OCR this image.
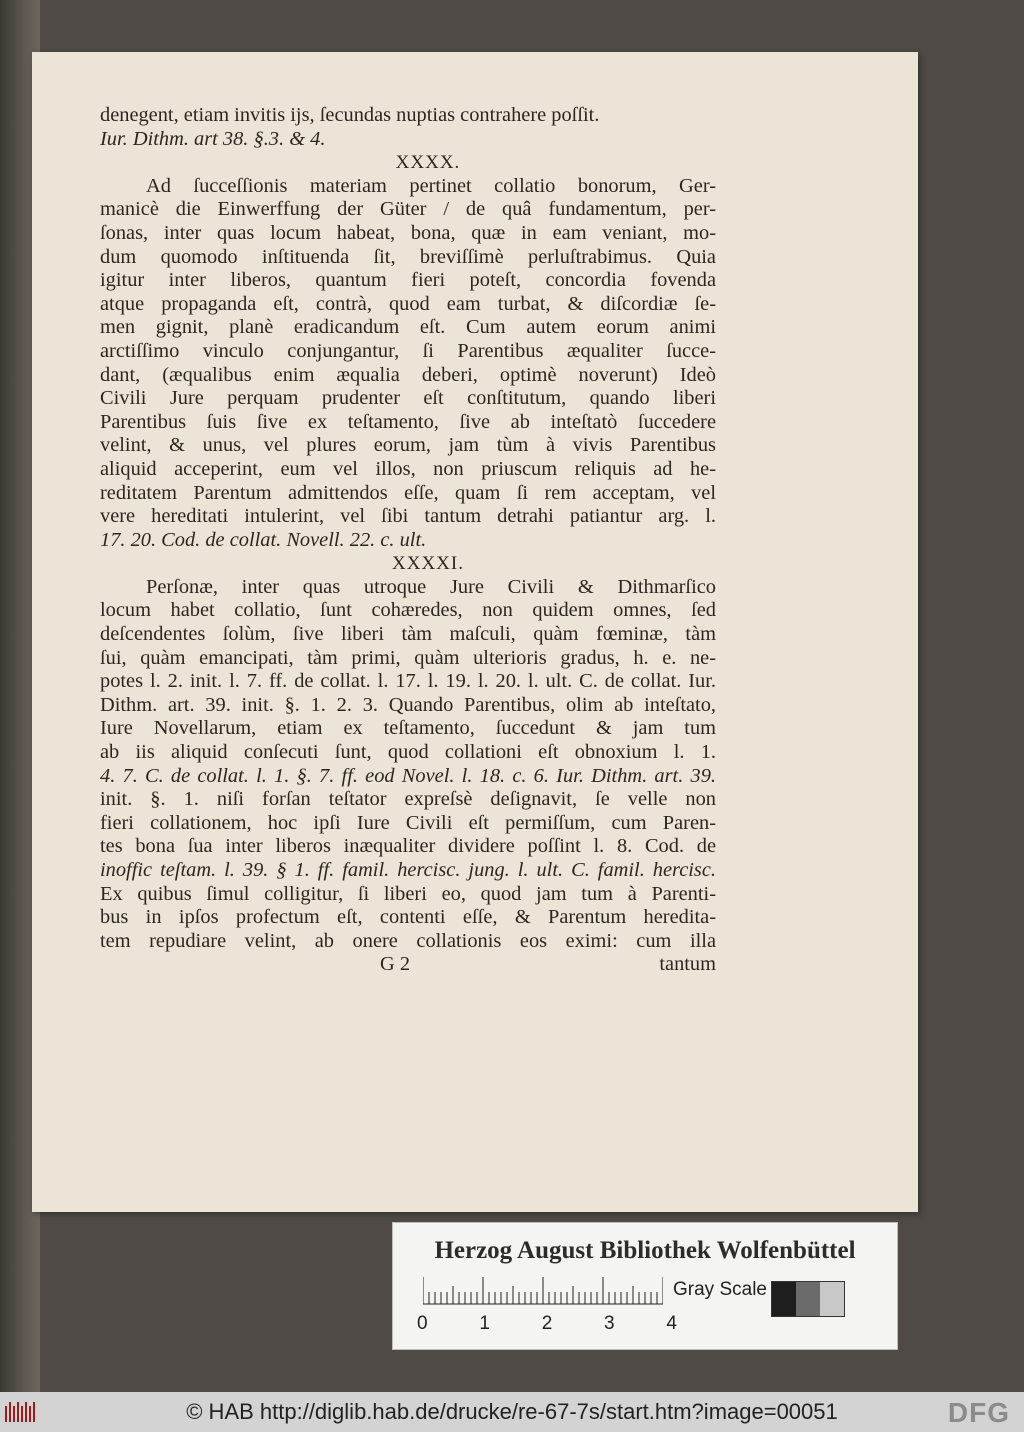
denegent, etiam invitis ijs, ſecundas nuptias contrahere poſſit.
Iur. Dithm. art 38. §.3. & 4.
XXXX.
Ad ſucceſſionis materiam pertinet collatio bonorum, Ger-
manicè die Einwerffung der Güter / de quâ fundamentum, per-
ſonas, inter quas locum habeat, bona, quæ in eam veniant, mo-
dum quomodo inſtituenda ſit, breviſſimè perluſtrabimus. Quia
igitur inter liberos, quantum fieri poteſt, concordia fovenda
atque propaganda eſt, contrà, quod eam turbat, & diſcordiæ ſe-
men gignit, planè eradicandum eſt. Cum autem eorum animi
arctiſſimo vinculo conjungantur, ſi Parentibus æqualiter ſucce-
dant, (æqualibus enim æqualia deberi, optimè noverunt) Ideò
Civili Jure perquam prudenter eſt conſtitutum, quando liberi
Parentibus ſuis ſive ex teſtamento, ſive ab inteſtatò ſuccedere
velint, & unus, vel plures eorum, jam tùm à vivis Parentibus
aliquid acceperint, eum vel illos, non priuscum reliquis ad he-
reditatem Parentum admittendos eſſe, quam ſi rem acceptam, vel
vere hereditati intulerint, vel ſibi tantum detrahi patiantur arg. l.
17. 20. Cod. de collat. Novell. 22. c. ult.
XXXXI.
Perſonæ, inter quas utroque Jure Civili & Dithmarſico
locum habet collatio, ſunt cohæredes, non quidem omnes, ſed
deſcendentes ſolùm, ſive liberi tàm maſculi, quàm fœminæ, tàm
ſui, quàm emancipati, tàm primi, quàm ulterioris gradus, h. e. ne-
potes l. 2. init. l. 7. ff. de collat. l. 17. l. 19. l. 20. l. ult. C. de collat. Iur.
Dithm. art. 39. init. §. 1. 2. 3. Quando Parentibus, olim ab inteſtato,
Iure Novellarum, etiam ex teſtamento, ſuccedunt & jam tum
ab iis aliquid conſecuti ſunt, quod collationi eſt obnoxium l. 1.
4. 7. C. de collat. l. 1. §. 7. ff. eod Novel. l. 18. c. 6. Iur. Dithm. art. 39.
init. §. 1. niſi forſan teſtator expreſsè deſignavit, ſe velle non
fieri collationem, hoc ipſi Iure Civili eſt permiſſum, cum Paren-
tes bona ſua inter liberos inæqualiter dividere poſſint l. 8. Cod. de
inoffic teſtam. l. 39. § 1. ff. famil. hercisc. jung. l. ult. C. famil. hercisc.
Ex quibus ſimul colligitur, ſi liberi eo, quod jam tum à Parenti-
bus in ipſos profectum eſt, contenti eſſe, & Parentum heredita-
tem repudiare velint, ab onere collationis eos eximi: cum illa
G 2	tantum
Herzog August Bibliothek Wolfenbüttel
0	1	2	3	4
Gray Scale
© HAB http://diglib.hab.de/drucke/re-67-7s/start.htm?image=00051	DFG
